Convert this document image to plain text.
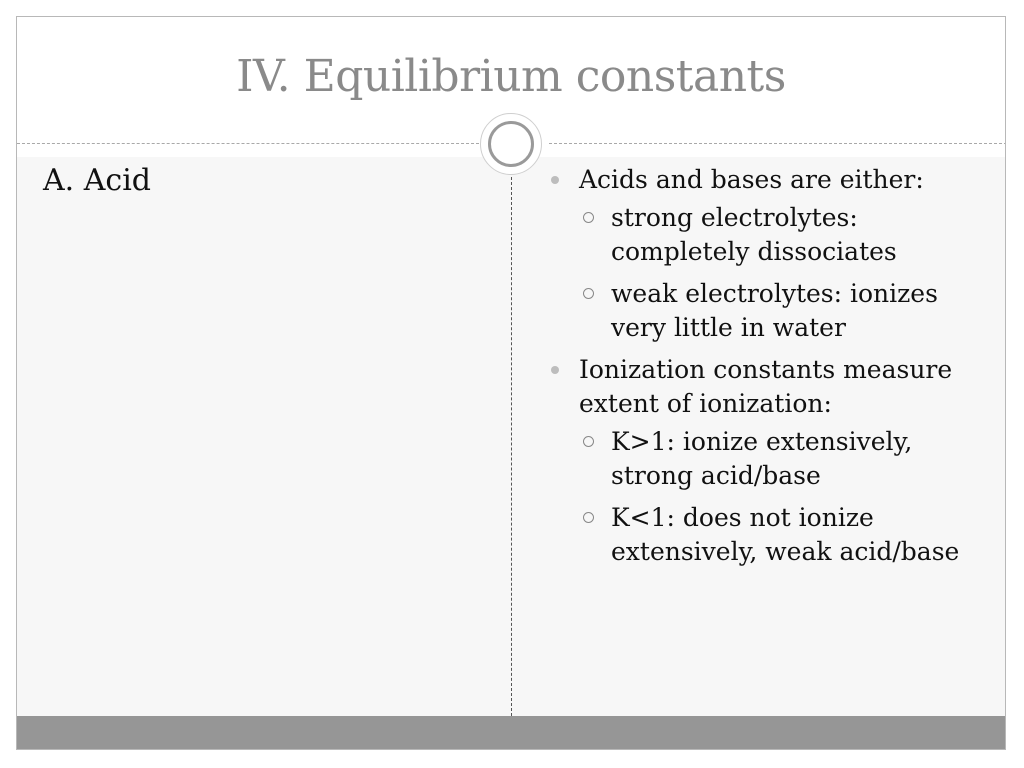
IV. Equilibrium constants
A. Acid	Acids and bases are either:
strong electrolytes: completely dissociates
weak electrolytes: ionizes very little in water
Ionization constants measure extent of ionization:
K>1: ionize extensively, strong acid/base
K<1: does not ionize extensively, weak acid/base
